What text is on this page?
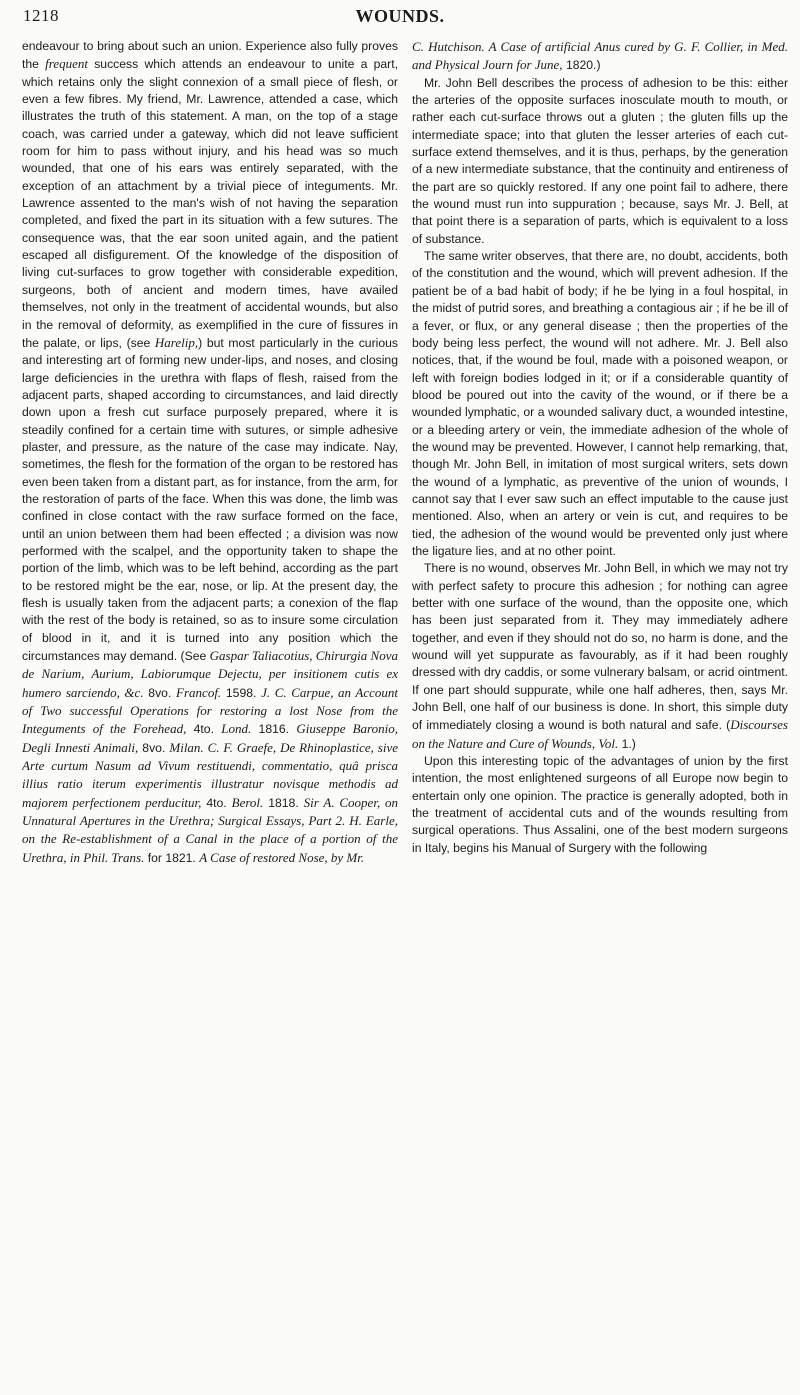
1218	WOUNDS.

endeavour to bring about such an union. Experience also fully proves the frequent success which attends an endeavour to unite a part, which retains only the slight connexion of a small piece of flesh, or even a few fibres. My friend, Mr. Lawrence, attended a case, which illustrates the truth of this statement. A man, on the top of a stage coach, was carried under a gateway, which did not leave sufficient room for him to pass without injury, and his head was so much wounded, that one of his ears was entirely separated, with the exception of an attachment by a trivial piece of integuments. Mr. Lawrence assented to the man's wish of not having the separation completed, and fixed the part in its situation with a few sutures. The consequence was, that the ear soon united again, and the patient escaped all disfigurement. Of the knowledge of the disposition of living cut-surfaces to grow together with considerable expedition, surgeons, both of ancient and modern times, have availed themselves, not only in the treatment of accidental wounds, but also in the removal of deformity, as exemplified in the cure of fissures in the palate, or lips, (see Harelip,) but most particularly in the curious and interesting art of forming new under-lips, and noses, and closing large deficiencies in the urethra with flaps of flesh, raised from the adjacent parts, shaped according to circumstances, and laid directly down upon a fresh cut surface purposely prepared, where it is steadily confined for a certain time with sutures, or simple adhesive plaster, and pressure, as the nature of the case may indicate. Nay, sometimes, the flesh for the formation of the organ to be restored has even been taken from a distant part, as for instance, from the arm, for the restoration of parts of the face. When this was done, the limb was confined in close contact with the raw surface formed on the face, until an union between them had been effected ; a division was now performed with the scalpel, and the opportunity taken to shape the portion of the limb, which was to be left behind, according as the part to be restored might be the ear, nose, or lip. At the present day, the flesh is usually taken from the adjacent parts; a conexion of the flap with the rest of the body is retained, so as to insure some circulation of blood in it, and it is turned into any position which the circumstances may demand. (See Gaspar Taliacotius, Chirurgia Nova de Narium, Aurium, Labiorumque Dejectu, per insitionem cutis ex humero sarciendo, &c. 8vo. Francof. 1598. J. C. Carpue, an Account of Two successful Operations for restoring a lost Nose from the Integuments of the Forehead, 4to. Lond. 1816. Giuseppe Baronio, Degli Innesti Animali, 8vo. Milan. C. F. Graefe, De Rhinoplastice, sive Arte curtum Nasum ad Vivum restituendi, commentatio, quâ prisca illius ratio iterum experimentis illustratur novisque methodis ad majorem perfectionem perducitur, 4to. Berol. 1818. Sir A. Cooper, on Unnatural Apertures in the Urethra; Surgical Essays, Part 2. H. Earle, on the Re-establishment of a Canal in the place of a portion of the Urethra, in Phil. Trans. for 1821. A Case of restored Nose, by Mr.

C. Hutchison. A Case of artificial Anus cured by G. F. Collier, in Med. and Physical Journ for June, 1820.)

Mr. John Bell describes the process of adhesion to be this: either the arteries of the opposite surfaces inosculate mouth to mouth, or rather each cut-surface throws out a gluten ; the gluten fills up the intermediate space; into that gluten the lesser arteries of each cut-surface extend themselves, and it is thus, perhaps, by the generation of a new intermediate substance, that the continuity and entireness of the part are so quickly restored. If any one point fail to adhere, there the wound must run into suppuration ; because, says Mr. J. Bell, at that point there is a separation of parts, which is equivalent to a loss of substance.

The same writer observes, that there are, no doubt, accidents, both of the constitution and the wound, which will prevent adhesion. If the patient be of a bad habit of body; if he be lying in a foul hospital, in the midst of putrid sores, and breathing a contagious air ; if he be ill of a fever, or flux, or any general disease ; then the properties of the body being less perfect, the wound will not adhere. Mr. J. Bell also notices, that, if the wound be foul, made with a poisoned weapon, or left with foreign bodies lodged in it; or if a considerable quantity of blood be poured out into the cavity of the wound, or if there be a wounded lymphatic, or a wounded salivary duct, a wounded intestine, or a bleeding artery or vein, the immediate adhesion of the whole of the wound may be prevented. However, I cannot help remarking, that, though Mr. John Bell, in imitation of most surgical writers, sets down the wound of a lymphatic, as preventive of the union of wounds, I cannot say that I ever saw such an effect imputable to the cause just mentioned. Also, when an artery or vein is cut, and requires to be tied, the adhesion of the wound would be prevented only just where the ligature lies, and at no other point.

There is no wound, observes Mr. John Bell, in which we may not try with perfect safety to procure this adhesion ; for nothing can agree better with one surface of the wound, than the opposite one, which has been just separated from it. They may immediately adhere together, and even if they should not do so, no harm is done, and the wound will yet suppurate as favourably, as if it had been roughly dressed with dry caddis, or some vulnerary balsam, or acrid ointment. If one part should suppurate, while one half adheres, then, says Mr. John Bell, one half of our business is done. In short, this simple duty of immediately closing a wound is both natural and safe. (Discourses on the Nature and Cure of Wounds, Vol. 1.)

Upon this interesting topic of the advantages of union by the first intention, the most enlightened surgeons of all Europe now begin to entertain only one opinion. The practice is generally adopted, both in the treatment of accidental cuts and of the wounds resulting from surgical operations. Thus Assalini, one of the best modern surgeons in Italy, begins his Manual of Surgery with the following
